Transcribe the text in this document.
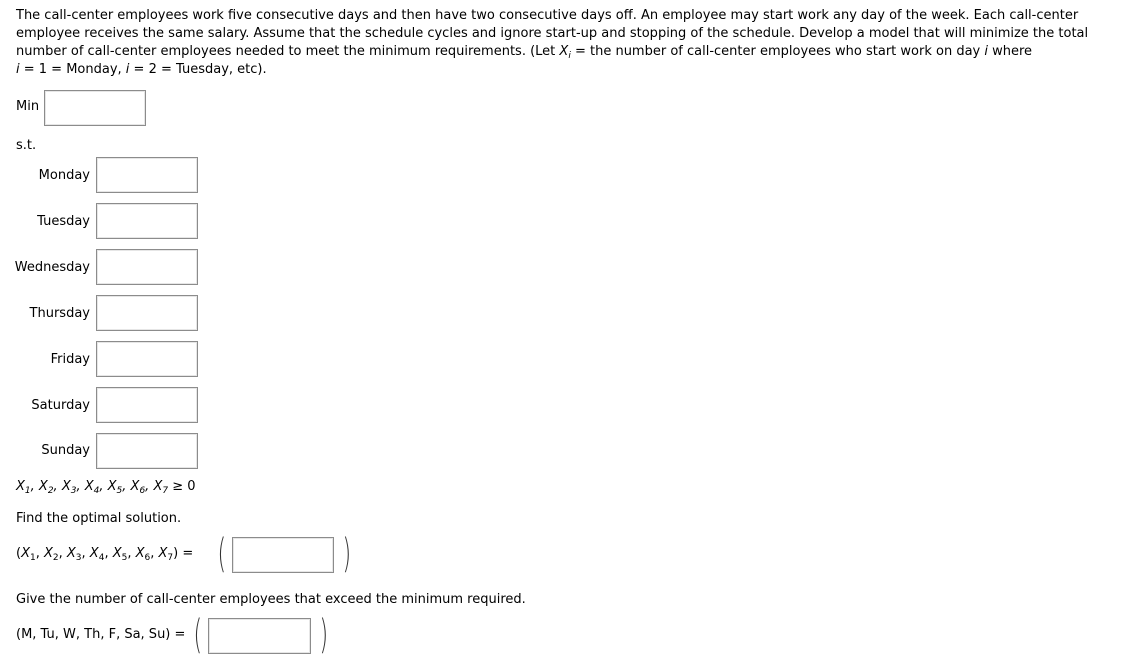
The call-center employees work five consecutive days and then have two consecutive days off. An employee may start work any day of the week. Each call-center employee receives the same salary. Assume that the schedule cycles and ignore start-up and stopping of the schedule. Develop a model that will minimize the total number of call-center employees needed to meet the minimum requirements. (Let $X_i$ = the number of call-center employees who start work on day i where
i = 1 = Monday, i = 2 = Tuesday, etc).
Min
s.t.
Monday
Tuesday
Wednesday
Thursday
Friday
Saturday
Sunday
$X_1$, $X_2$, $X_3$, $X_4$, $X_5$, $X_6$, $X_7 \ge 0$
Find the optimal solution.
($X_1$, $X_2$, $X_3$, $X_4$, $X_5$, $X_6$, $X_7$) = (	)
Give the number of call-center employees that exceed the minimum required.
(M, Tu, W, Th, F, Sa, Su) = (	)
